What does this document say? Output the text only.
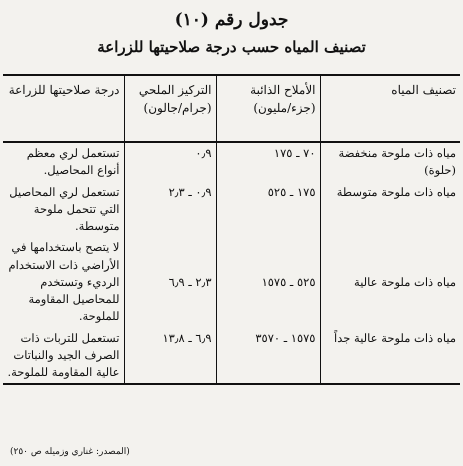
جدول رقم (١٠)
تصنيف المياه حسب درجة صلاحيتها للزراعة
تصنيف المياه	الأملاح الذائبة (جزء/مليون)	التركيز الملحي (جرام/جالون)	درجة صلاحيتها للزراعة
مياه ذات ملوحة منخفضة (حلوة)	٧٠ ـ ١٧٥	٠٫٩	تستعمل لري معظم أنواع المحاصيل.
مياه ذات ملوحة متوسطة	١٧٥ ـ ٥٢٥	٠٫٩ ـ ٢٫٣	تستعمل لري المحاصيل التي تتحمل ملوحة متوسطة.
مياه ذات ملوحة عالية	٥٢٥ ـ ١٥٧٥	٢٫٣ ـ ٦٫٩	لا يتصح باستخدامها في الأراضي ذات الاستخدام الرديء وتستخدم للمحاصيل المقاومة للملوحة.
مياه ذات ملوحة عالية جداً	١٥٧٥ ـ ٣٥٧٠	٦٫٩ ـ ١٣٫٨	تستعمل للتربات ذات الصرف الجيد والنباتات عالية المقاومة للملوحة.
(المصدر: غناري وزميله ص ٢٥٠)
